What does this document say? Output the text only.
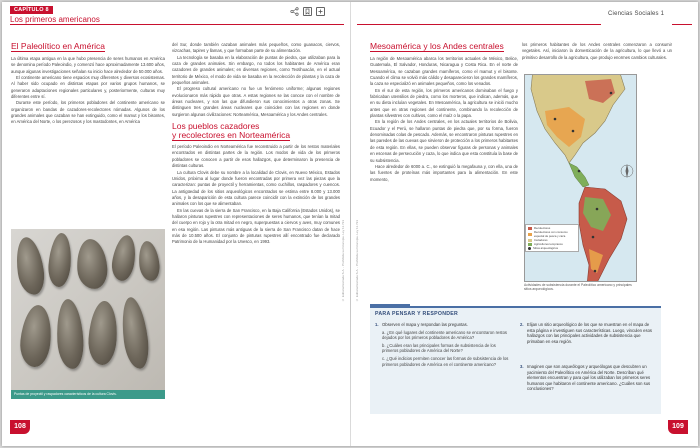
CAPÍTULO 8
Los primeros americanos
Ciencias Sociales 1
© Editorial Estrada S.A. - Prohibida su fotocopia. Ley 11.723	© Editorial Estrada S.A. - Prohibida su fotocopia. Ley 11.723
El Paleolítico en América

La última etapa antigua en la que hubo presencia de seres humanos en América se denomina período Paleoindio, y comenzó hace aproximadamente 13.600 años, aunque algunas investigaciones señalan su inicio hace alrededor de 50.000 años.

El continente americano tiene espacios muy diferentes y diversos ecosistemas. Al haber sido ocupado en distintas etapas por varios grupos humanos, se generaron adaptaciones regionales particulares y, posteriormente, culturas muy diferentes entre sí.

Durante este período, los primeros pobladores del continente americano se organizaron en bandas de cazadores-recolectores nómadas. Algunos de los grandes animales que cazaban se han extinguido, como el mamut y los bisontes, en América del Norte, o los perezosos y los mastodontes, en América

Puntas de proyectil y raspadores característicos de la cultura Clovis.

del Sur, donde también cazaban animales más pequeños, como guanacos, ciervos, vizcachas, tapires y llamas, y que formaban parte de su alimentación.

La tecnología se basaba en la elaboración de puntas de piedra, que utilizaban para la caza de grandes animales. Sin embargo, no todos los habitantes de América eran cazadores de grandes animales; en diversas regiones, como Teotihuacán, en el actual territorio de México, el modo de vida se basaba en la recolección de plantas y la caza de pequeños animales.

El progreso cultural americano no fue un fenómeno uniforme; algunas regiones evolucionaron más rápido que otras. A estas regiones se las conoce con el nombre de áreas nucleares, y son las que difundieron sus conocimientos a otras zonas. Se distinguen tres grandes áreas nucleares que coinciden con las regiones en donde surgieron algunas civilizaciones: Norteamérica, Mesoamérica y los Andes centrales.

Los pueblos cazadores
y recolectores en Norteamérica

El período Paleoindio en Norteamérica fue reconstruido a partir de los restos materiales encontrados en distintas partes de la región. Los modos de vida de los primeros pobladores se conocen a partir de esos hallazgos, que determinaron la presencia de distintas culturas.

La cultura Clovis debe su nombre a la localidad de Clovis, en Nuevo México, Estados Unidos, próxima al lugar donde fueron encontradas por primera vez las piezas que la caracterizan: puntas de proyectil y herramientas, como cuchillos, raspadores y cuencos. La antigüedad de los sitios arqueológicos encontrados se estima entre 8.000 y 13.000 años, y la desaparición de esta cultura parece coincidir con la extinción de los grandes animales con los que se alimentaban.

En las cuevas de la sierra de San Francisco, en la Baja California (Estados Unidos), se hallaron pinturas rupestres con representaciones de seres humanos, que tenían la mitad del cuerpo en rojo y la otra mitad en negro, superpuestas a ciervos y aves, muy comunes en esa región. Las pinturas más antiguas de la sierra de San Francisco datan de hace más de 10.500 años. El conjunto de pinturas rupestres allí encontrado fue declarado Patrimonio de la Humanidad por la Unesco, en 1993.

Mesoamérica y los Andes centrales

La región de Mesoamérica abarca los territorios actuales de México, Belice, Guatemala, El Salvador, Honduras, Nicaragua y Costa Rica. En el norte de Mesoamérica, se cazaban grandes mamíferos, como el mamut y el bisonte. Cuando el clima se volvió más cálido y desaparecieron los grandes mamíferos, la caza se especializó en animales pequeños, como los venados.

En el sur de esta región, los primeros americanos dominaban el fuego y fabricaban utensilios de piedra, como los morteros, que indican, además, que en su dieta incluían vegetales. En Mesoamérica, la agricultura se inició mucho antes que en otras regiones del continente, combinando la recolección de plantas silvestres con cultivos, como el maíz o la papa.

En la región de los Andes centrales, en los actuales territorios de Bolivia, Ecuador y el Perú, se hallaron puntas de piedra que, por su forma, fueron denominadas colas de pescado. Además, se encontraron pinturas rupestres en las paredes de las cuevas que sirvieron de protección a los primeros habitantes de esta región. En ellas, se pueden observar figuras de personas y animales en escenas de persecución y caza, lo que indica que esta constituía la base de su subsistencia.

Hace alrededor de 6000 a. C., se extinguió la megafauna y, con ella, una de las fuentes de proteínas más importantes para la alimentación. En este momento,

Recolectores
Recolectores con consumo especial de pesca y caza
Cazadores
Agricultores tempranos
Sitios arqueológicos
Actividades de subsistencia durante el Paleolítico americano y principales sitios arqueológicos.
PARA PENSAR Y RESPONDER
1. Observen el mapa y respondan las preguntas.
a. ¿En qué lugares del continente americano se encontraron restos dejados por los primeros pobladores de América?
b. ¿Cuáles eran las principales formas de subsistencia de los primeros pobladores de América del Norte?
c. ¿Qué indicios permiten conocer las formas de subsistencia de los primeros pobladores de América en el continente americano?
2. Elijan un sitio arqueológico de los que se muestran en el mapa de esta página e investiguen sus características. Luego, vinculen esos hallazgos con las principales actividades de subsistencia que primaban en esa región.
3. Imaginen que son arqueólogos y arqueólogas que descubren un yacimiento del Paleolítico en América del Norte. Describan qué elementos encuentran y para qué los utilizaban los primeros seres humanos que habitaron el continente americano. ¿Cuáles son sus conclusiones?
108	109

los primeros habitantes de los Andes centrales comenzaron a consumir vegetales. Así, iniciaron la domesticación de la agricultura, lo que llevó a un primitivo desarrollo de la agricultura, que produjo enormes cambios culturales.
